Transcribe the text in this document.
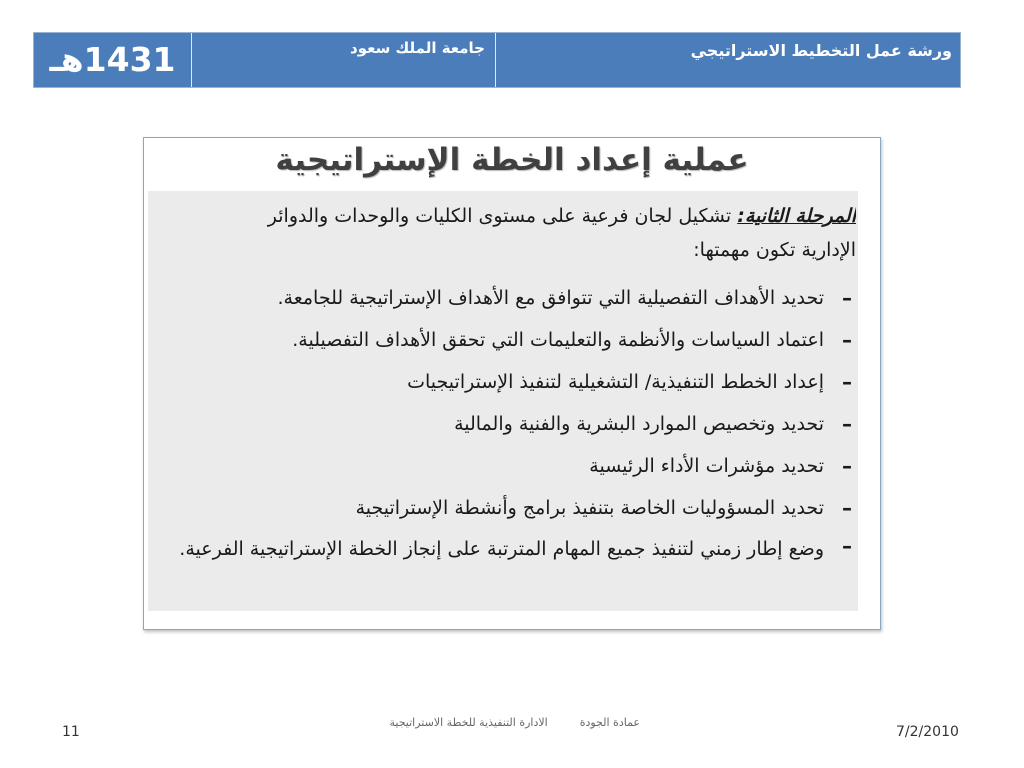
1431هـ	جامعة الملك سعود	ورشة عمل التخطيط الاستراتيجي
عملية إعداد الخطة الإستراتيجية
المرحلة الثانية: تشكيل لجان فرعية على مستوى الكليات والوحدات والدوائر
الإدارية تكون مهمتها:
–
تحديد الأهداف التفصيلية التي تتوافق مع الأهداف الإستراتيجية للجامعة.
–
اعتماد السياسات والأنظمة والتعليمات التي تحقق الأهداف التفصيلية.
–
إعداد الخطط التنفيذية/ التشغيلية لتنفيذ الإستراتيجيات
–
تحديد وتخصيص الموارد البشرية والفنية والمالية
–
تحديد مؤشرات الأداء الرئيسية
–
تحديد المسؤوليات الخاصة بتنفيذ برامج وأنشطة الإستراتيجية
–
وضع إطار زمني لتنفيذ جميع المهام المترتبة على إنجاز الخطة الإستراتيجية الفرعية.
7/2/2010
عمادة الجودةالادارة التنفيذية للخطة الاستراتيجية
11
